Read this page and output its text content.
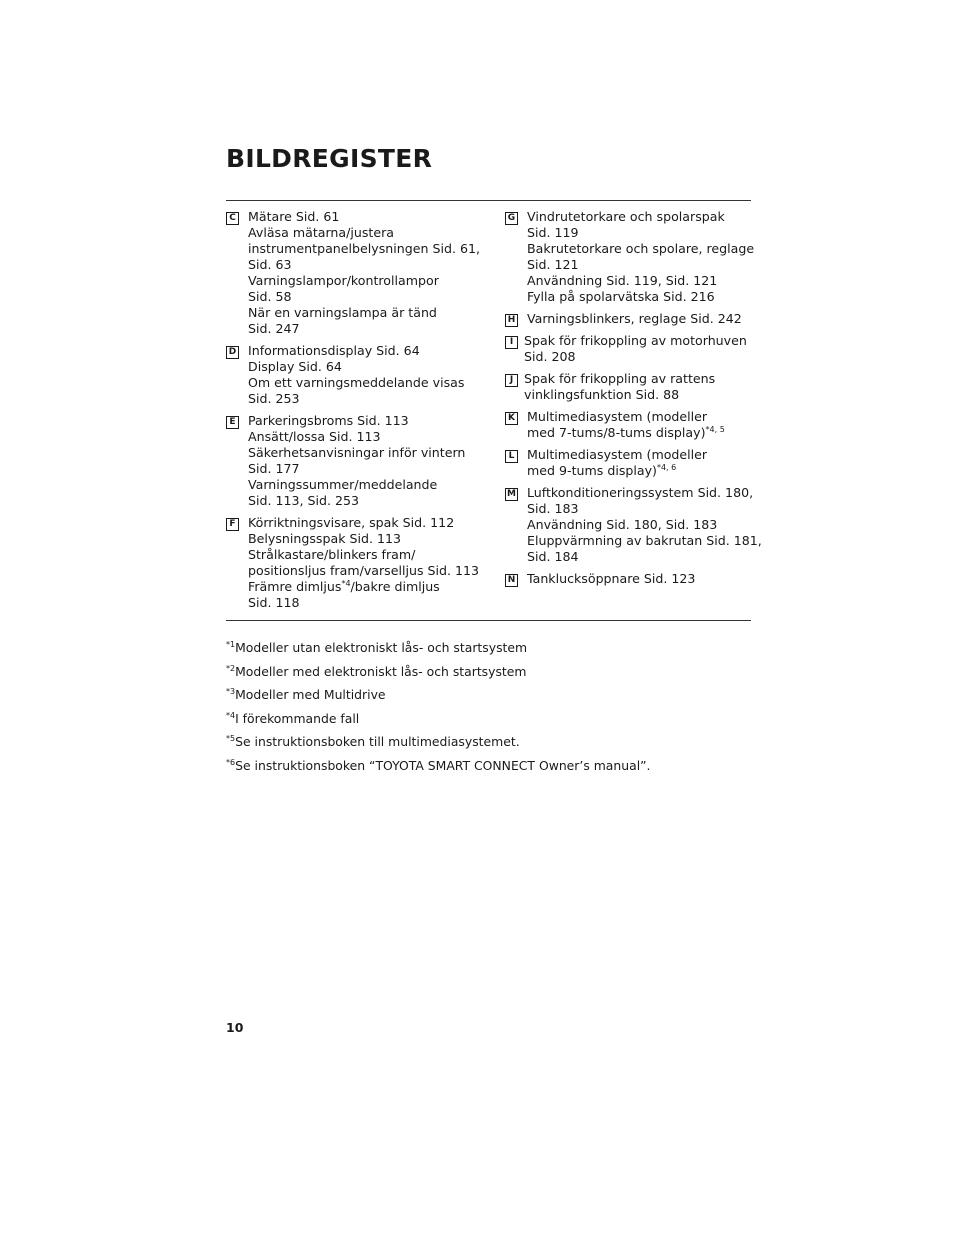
BILDREGISTER
C Mätare Sid. 61
Avläsa mätarna/justera
instrumentpanelbelysningen Sid. 61,
Sid. 63
Varningslampor/kontrollampor
Sid. 58
När en varningslampa är tänd
Sid. 247
D Informationsdisplay Sid. 64
Display Sid. 64
Om ett varningsmeddelande visas
Sid. 253
E Parkeringsbroms Sid. 113
Ansätt/lossa Sid. 113
Säkerhetsanvisningar inför vintern
Sid. 177
Varningssummer/meddelande
Sid. 113, Sid. 253
F Körriktningsvisare, spak Sid. 112
Belysningsspak Sid. 113
Strålkastare/blinkers fram/
positionsljus fram/varselljus Sid. 113
Främre dimljus$^{*4}$/bakre dimljus
Sid. 118
G Vindrutetorkare och spolarspak
Sid. 119
Bakrutetorkare och spolare, reglage
Sid. 121
Användning Sid. 119, Sid. 121
Fylla på spolarvätska Sid. 216
H Varningsblinkers, reglage Sid. 242
I Spak för frikoppling av motorhuven
Sid. 208
J Spak för frikoppling av rattens
vinklingsfunktion Sid. 88
K Multimediasystem (modeller
med 7-tums/8-tums display)$^{*4, 5}$
L Multimediasystem (modeller
med 9-tums display)$^{*4, 6}$
M Luftkonditioneringssystem Sid. 180,
Sid. 183
Användning Sid. 180, Sid. 183
Eluppvärmning av bakrutan Sid. 181,
Sid. 184
N Tanklucksöppnare Sid. 123
$^{*1}$Modeller utan elektroniskt lås- och startsystem
$^{*2}$Modeller med elektroniskt lås- och startsystem
$^{*3}$Modeller med Multidrive
$^{*4}$I förekommande fall
$^{*5}$Se instruktionsboken till multimediasystemet.
$^{*6}$Se instruktionsboken “TOYOTA SMART CONNECT Owner’s manual”.
10
